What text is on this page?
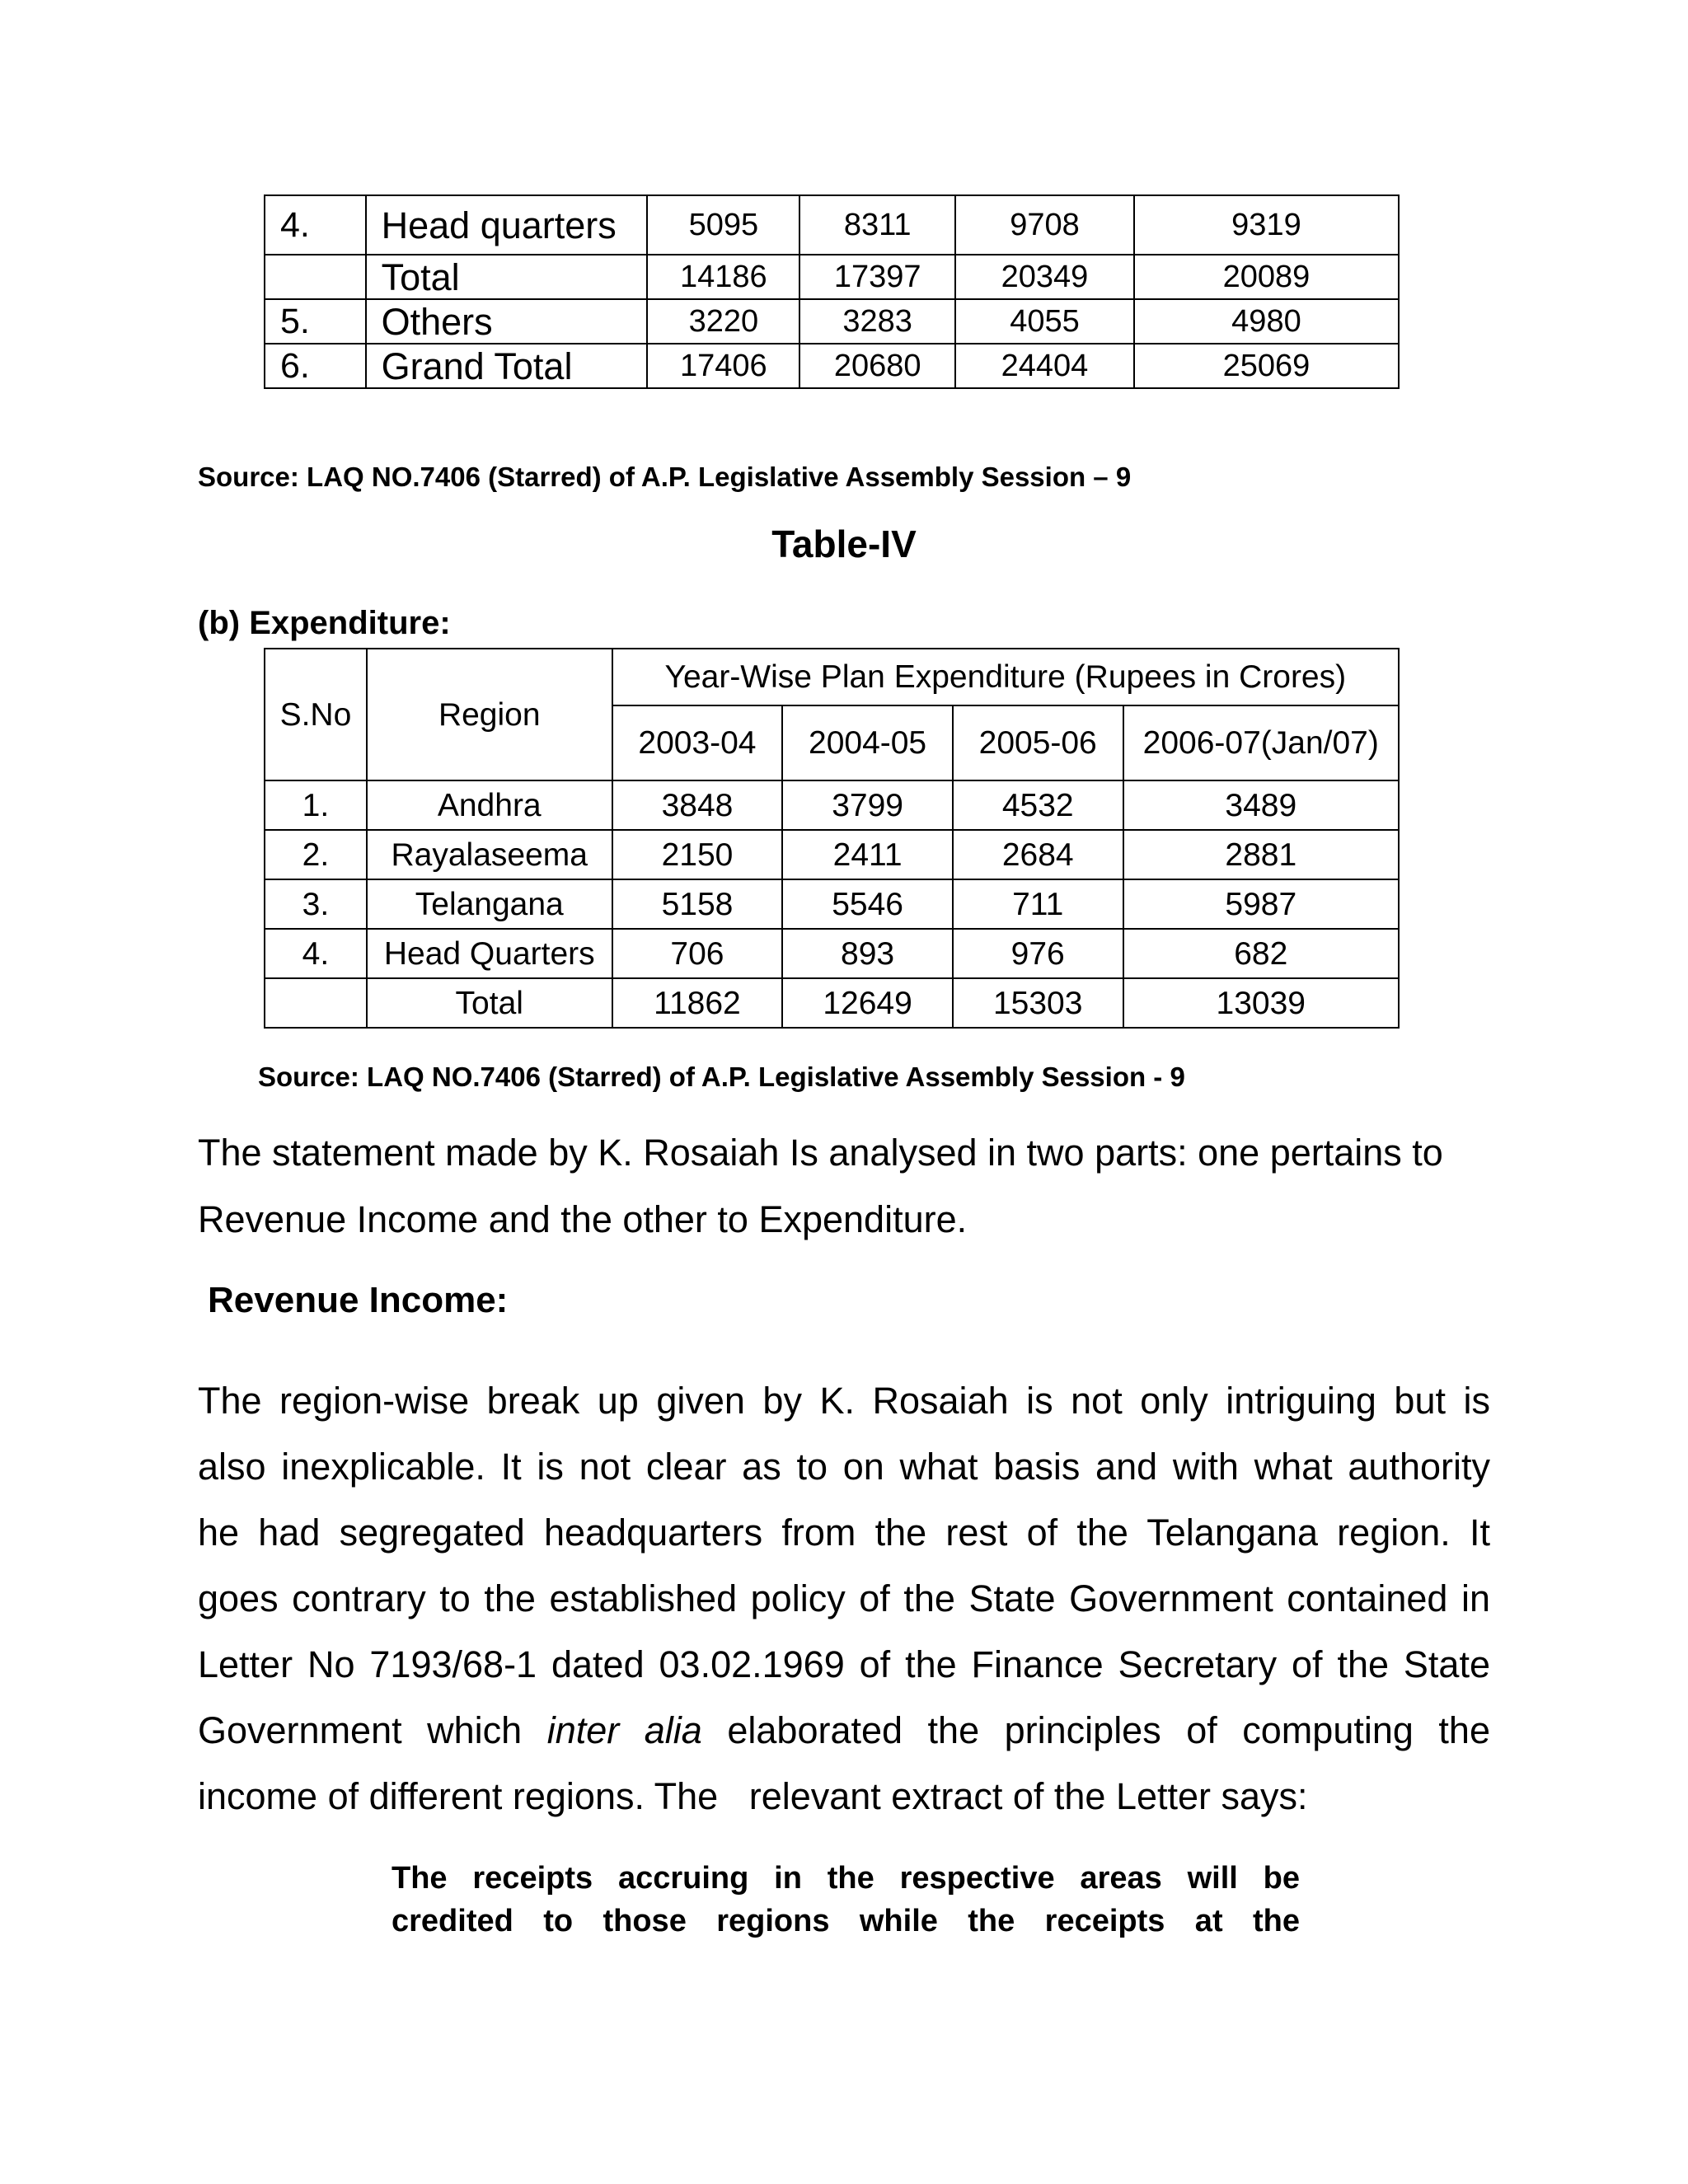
4.	Head quarters	5095	8311	9708	9319
	Total	14186	17397	20349	20089
5.	Others	3220	3283	4055	4980
6.	Grand Total	17406	20680	24404	25069
Source: LAQ NO.7406 (Starred) of A.P. Legislative Assembly Session – 9
Table-IV
(b) Expenditure:
S.No	Region	Year-Wise Plan Expenditure (Rupees in Crores)			
		2003-04	2004-05	2005-06	2006-07(Jan/07)
1.	Andhra	3848	3799	4532	3489
2.	Rayalaseema	2150	2411	2684	2881
3.	Telangana	5158	5546	711	5987
4.	Head Quarters	706	893	976	682
	Total	11862	12649	15303	13039
Source: LAQ NO.7406 (Starred) of A.P. Legislative Assembly Session - 9

The statement made by K. Rosaiah Is analysed in two parts: one pertains to
Revenue Income and the other to Expenditure.

Revenue Income:

The region-wise break up given by K. Rosaiah is not only intriguing but is
also inexplicable. It is not clear as to on what basis and with what authority
he had segregated headquarters from the rest of the Telangana region. It
goes contrary to the established policy of the State Government contained in
Letter No 7193/68-1 dated 03.02.1969 of the Finance Secretary of the State
Government which inter alia elaborated the principles of computing the
income of different regions. The   relevant extract of the Letter says:

The receipts accruing in the respective areas will be
credited to those regions while the receipts at the
